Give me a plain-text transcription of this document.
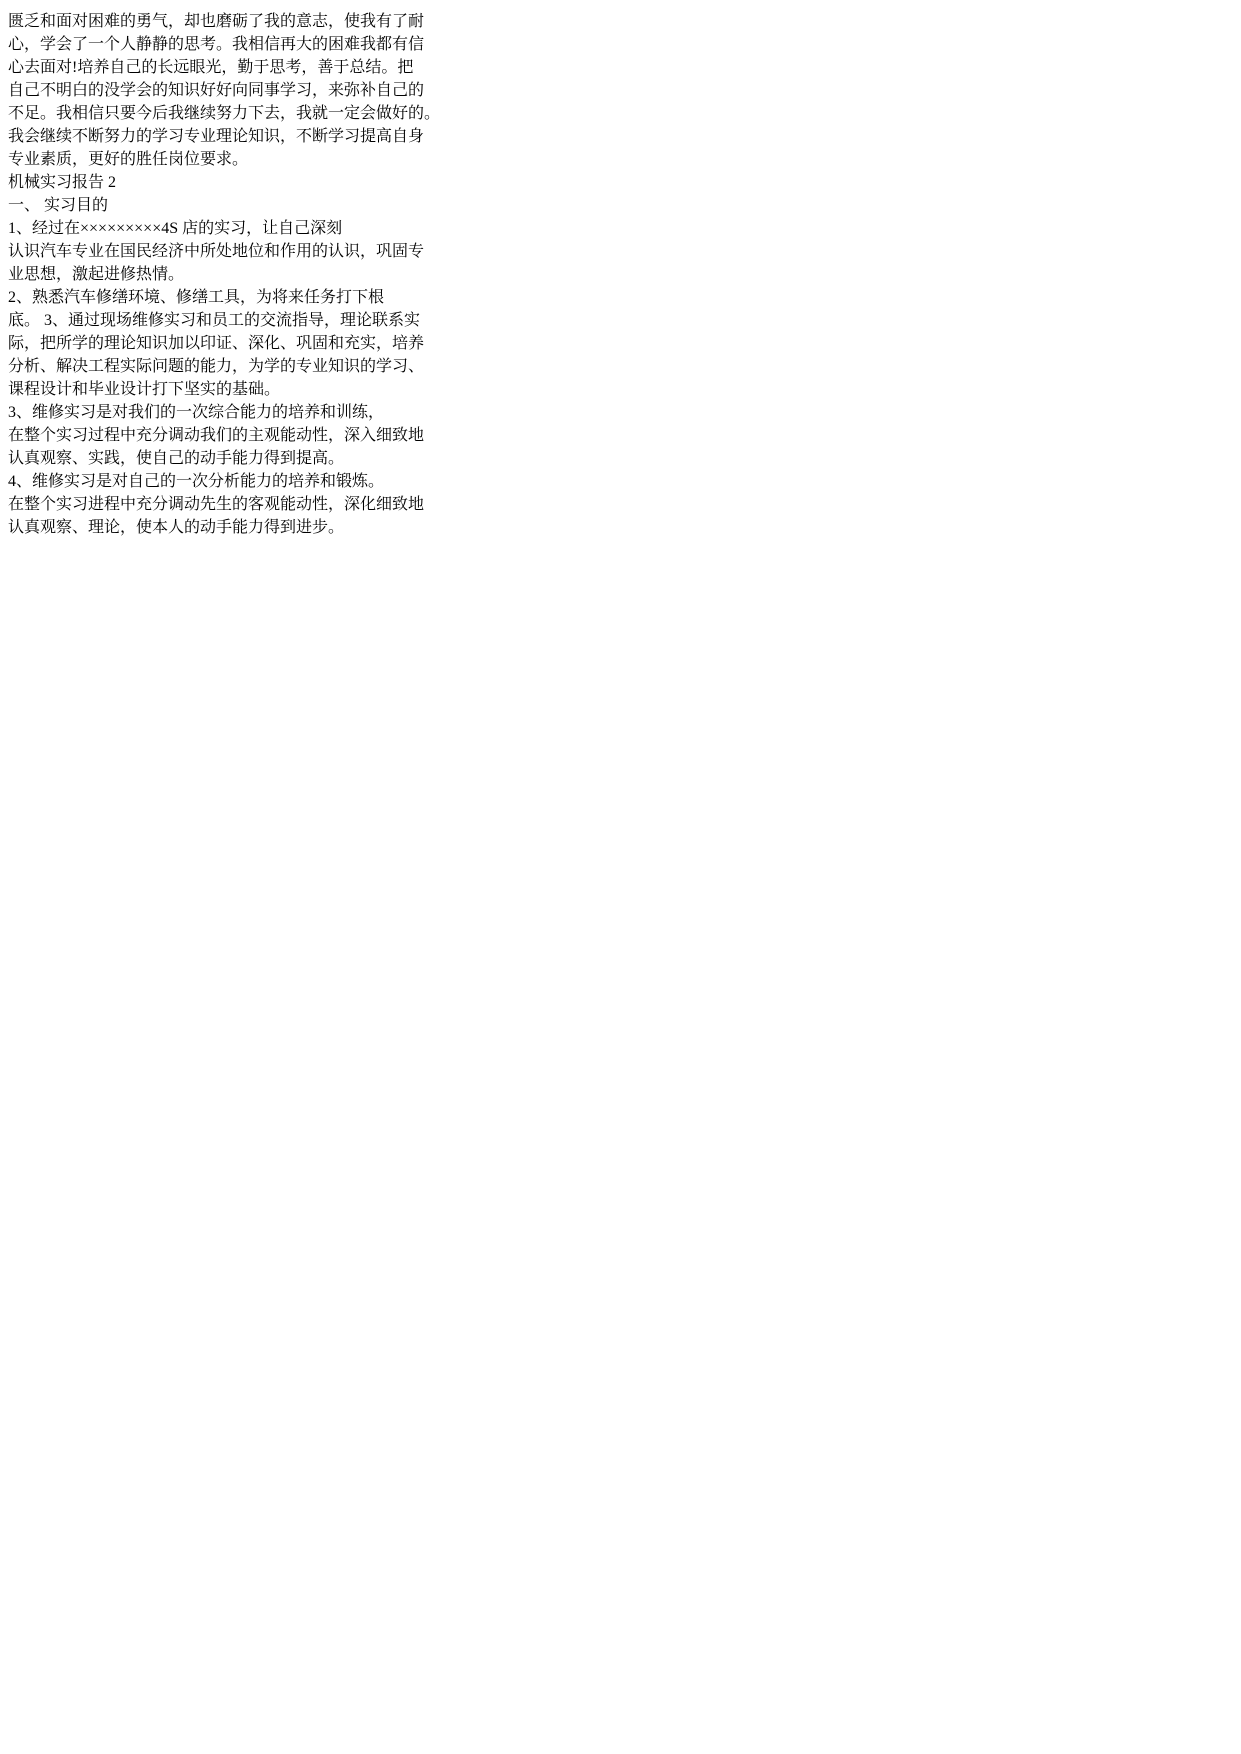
匮乏和面对困难的勇气，却也磨砺了我的意志，使我有了耐
心，学会了一个人静静的思考。我相信再大的困难我都有信
心去面对!培养自己的长远眼光，勤于思考，善于总结。把
自己不明白的没学会的知识好好向同事学习，来弥补自己的
不足。我相信只要今后我继续努力下去，我就一定会做好的。
我会继续不断努力的学习专业理论知识，不断学习提高自身
专业素质，更好的胜任岗位要求。
机械实习报告 2
一、 实习目的
1、经过在×××××××××4S 店的实习，让自己深刻
认识汽车专业在国民经济中所处地位和作用的认识，巩固专
业思想，激起进修热情。
2、熟悉汽车修缮环境、修缮工具，为将来任务打下根
底。 3、通过现场维修实习和员工的交流指导，理论联系实
际，把所学的理论知识加以印证、深化、巩固和充实，培养
分析、解决工程实际问题的能力，为学的专业知识的学习、
课程设计和毕业设计打下坚实的基础。
3、维修实习是对我们的一次综合能力的培养和训练，
在整个实习过程中充分调动我们的主观能动性，深入细致地
认真观察、实践，使自己的动手能力得到提高。
4、维修实习是对自己的一次分析能力的培养和锻炼。
在整个实习进程中充分调动先生的客观能动性，深化细致地
认真观察、理论，使本人的动手能力得到进步。
